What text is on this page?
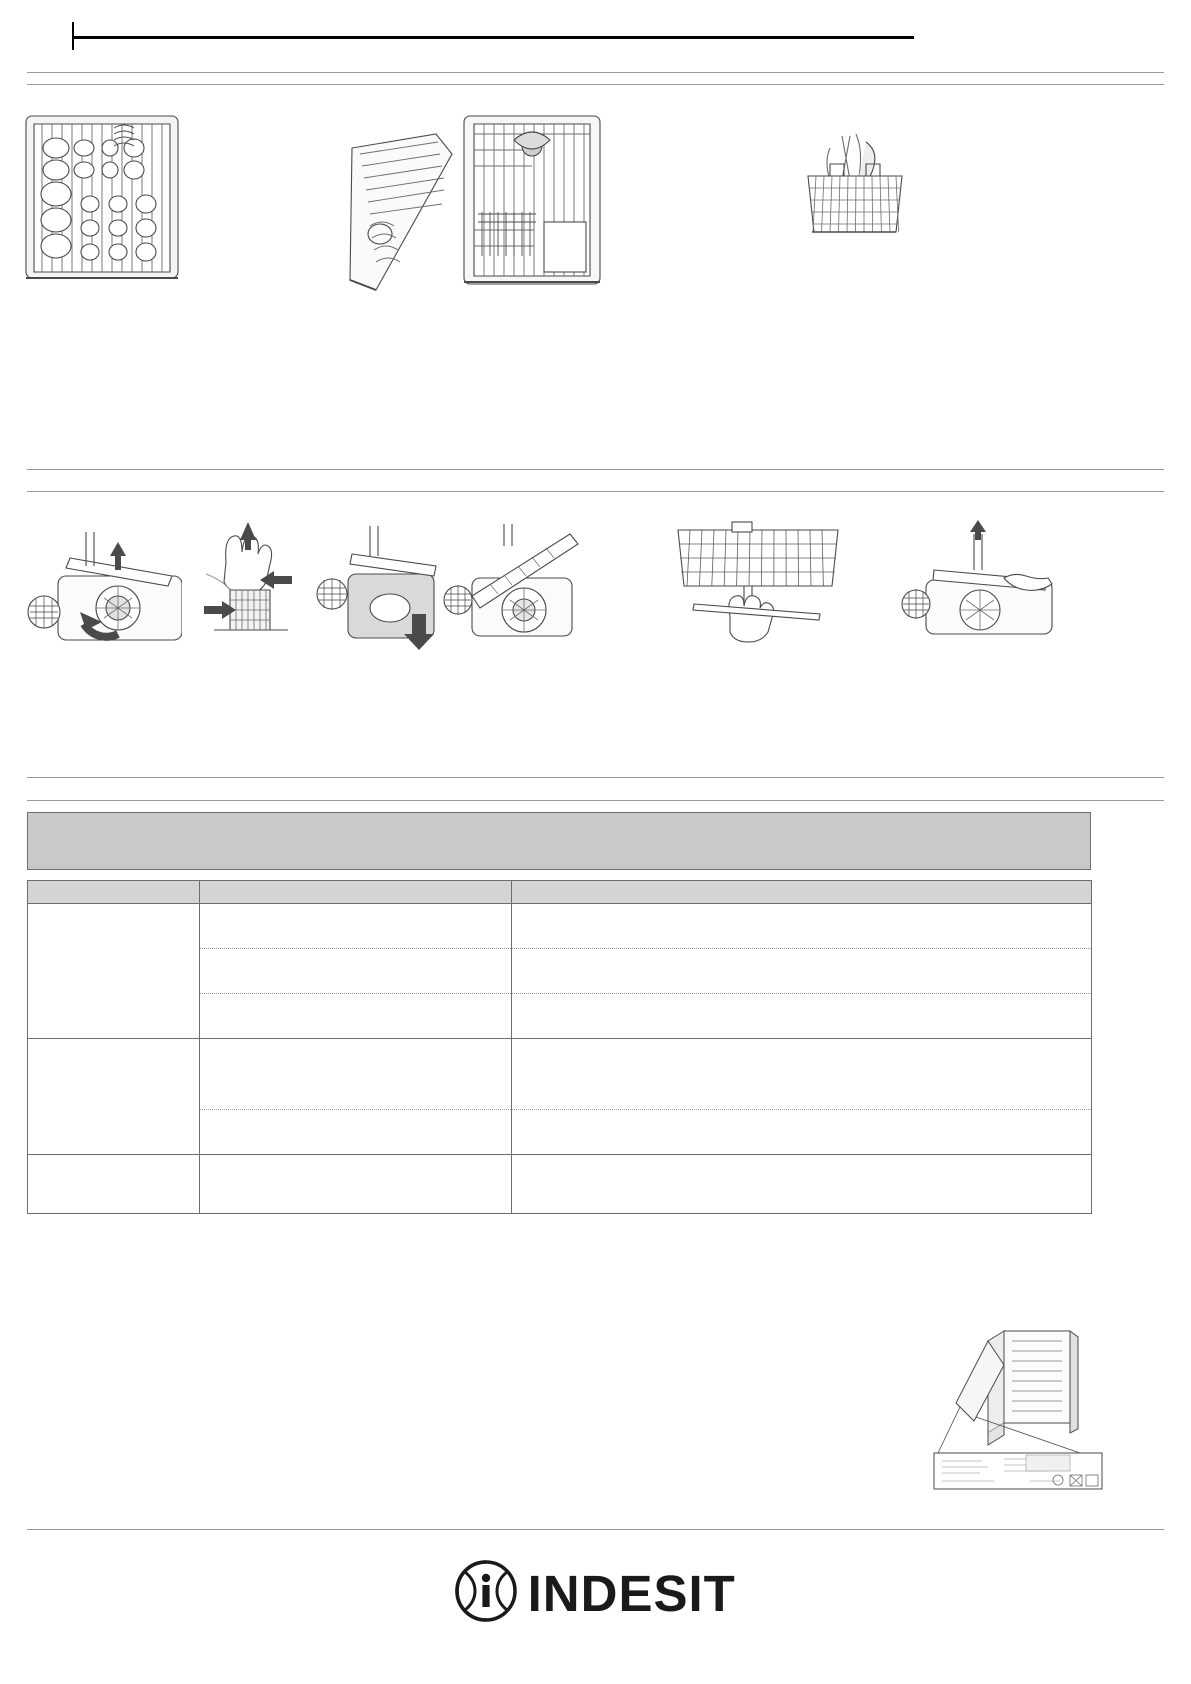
INDESIT
